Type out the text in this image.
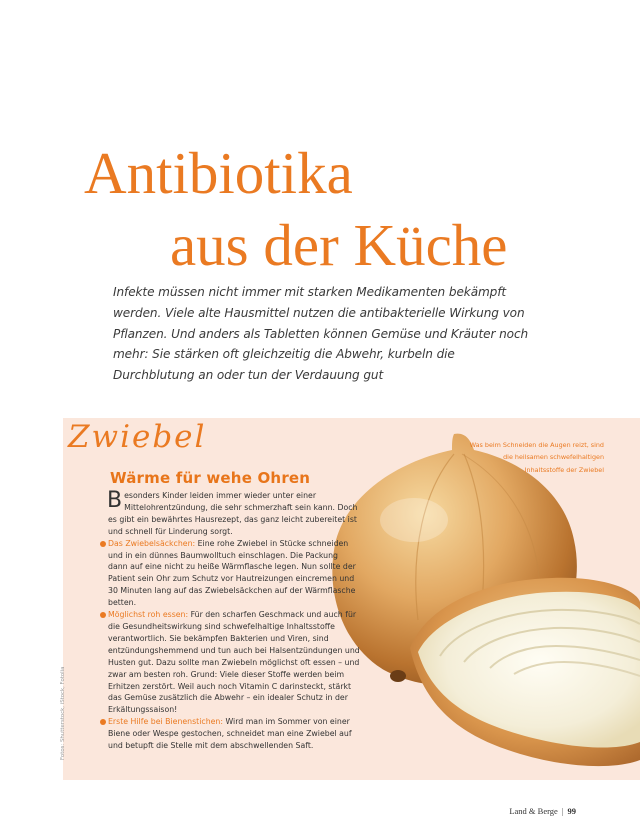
Antibiotika
aus der Küche

Infekte müssen nicht immer mit starken Medikamenten bekämpft werden. Viele alte Hausmittel nutzen die antibakterielle Wirkung von Pflanzen. Und anders als Tabletten können Gemüse und Kräuter noch mehr: Sie stärken oft gleichzeitig die Abwehr, kurbeln die Durchblutung an oder tun der Verdauung gut

Zwiebel
Wärme für wehe Ohren

Besonders Kinder leiden immer wieder unter einer Mittelohrentzündung, die sehr schmerzhaft sein kann. Doch es gibt ein bewährtes Hausrezept, das ganz leicht zubereitet ist und schnell für Linderung sorgt.

Das Zwiebelsäckchen: Eine rohe Zwiebel in Stücke schneiden und in ein dünnes Baumwolltuch einschlagen. Die Packung dann auf eine nicht zu heiße Wärmflasche legen. Nun sollte der Patient sein Ohr zum Schutz vor Hautreizungen eincremen und 30 Minuten lang auf das Zwiebelsäckchen auf der Wärmflasche betten.

Möglichst roh essen: Für den scharfen Geschmack und auch für die Gesundheitswirkung sind schwefelhaltige Inhaltsstoffe verantwortlich. Sie bekämpfen Bakterien und Viren, sind entzündungshemmend und tun auch bei Halsentzündungen und Husten gut. Dazu sollte man Zwiebeln möglichst oft essen – und zwar am besten roh. Grund: Viele dieser Stoffe werden beim Erhitzen zerstört. Weil auch noch Vitamin C darinsteckt, stärkt das Gemüse zusätzlich die Abwehr – ein idealer Schutz in der Erkältungssaison!

Erste Hilfe bei Bienenstichen: Wird man im Sommer von einer Biene oder Wespe gestochen, schneidet man eine Zwiebel auf und betupft die Stelle mit dem abschwellenden Saft.

Was beim Schneiden die Augen reizt, sind die heilsamen schwefelhaltigen Inhaltsstoffe der Zwiebel

Fotos: Shutterstock, iStock, Fotolia

Land & Berge | 99
